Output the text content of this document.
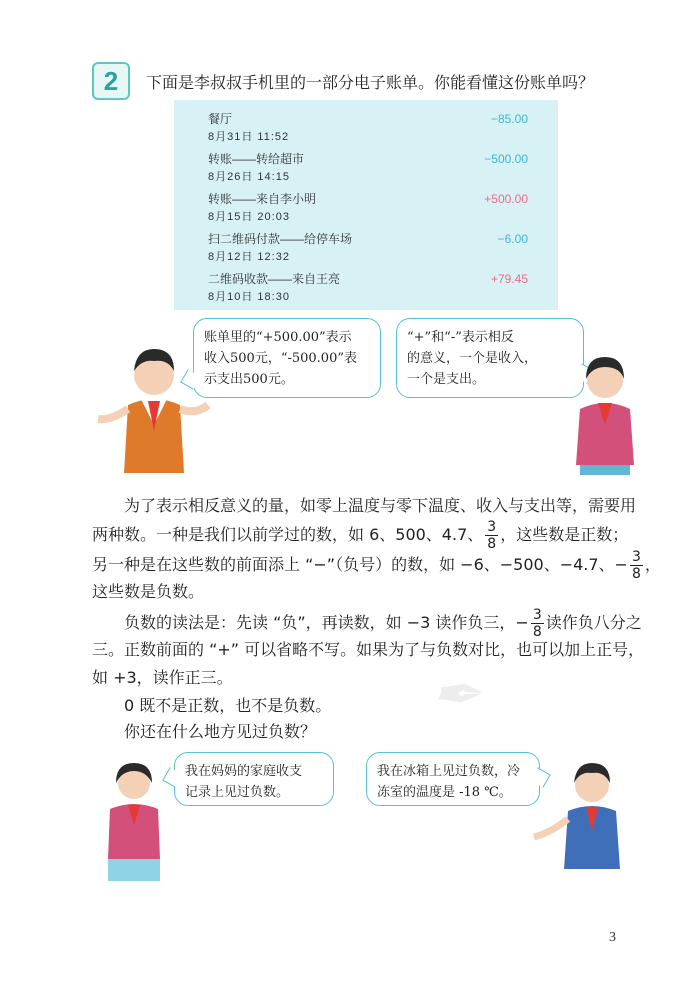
2	下面是李叔叔手机里的一部分电子账单。你能看懂这份账单吗？
餐厅
8月31日 11:52
−85.00
转账——转给超市
8月26日 14:15
−500.00
转账——来自李小明
8月15日 20:03
+500.00
扫二维码付款——给停车场
8月12日 12:32
−6.00
二维码收款——来自王亮
8月10日 18:30
+79.45
账单里的“+500.00”表示
收入500元，“-500.00”表
示支出500元。
“+”和“-”表示相反
的意义，一个是收入，
一个是支出。
为了表示相反意义的量，如零上温度与零下温度、收入与支出等，需要用
两种数。一种是我们以前学过的数，如 6、500、4.7、 $\frac{3}{8}$ ，这些数是正数；
另一种是在这些数的前面添上 “−”（负号）的数，如 −6、−500、−4.7、− $\frac{3}{8}$ ，
这些数是负数。
负数的读法是：先读 “负”，再读数，如 −3 读作负三，− $\frac{3}{8}$ 读作负八分之
三。正数前面的 “+” 可以省略不写。如果为了与负数对比，也可以加上正号，
如 +3，读作正三。
0 既不是正数，也不是负数。
你还在什么地方见过负数？
我在妈妈的家庭收支
记录上见过负数。
我在冰箱上见过负数，冷
冻室的温度是 -18 ℃。
✒
3
